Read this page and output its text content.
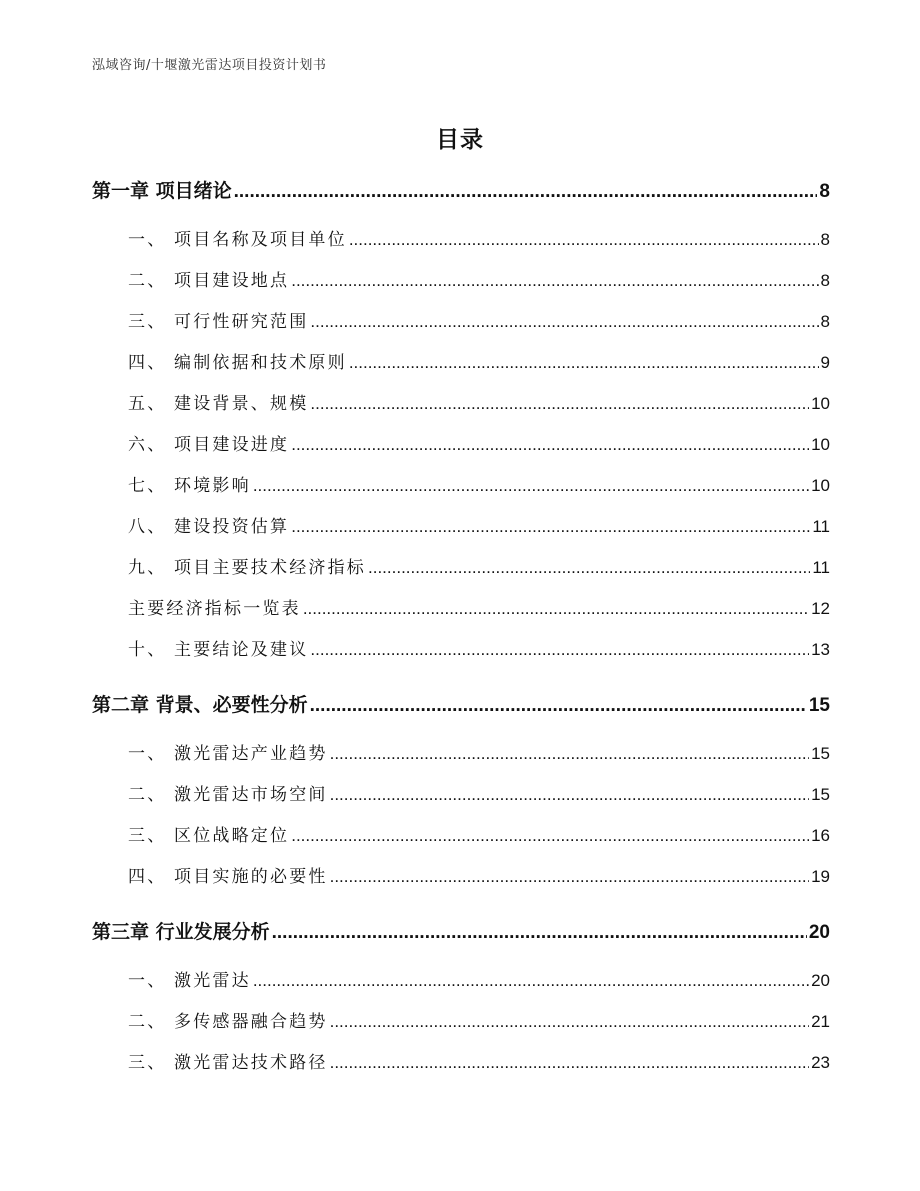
泓域咨询/十堰激光雷达项目投资计划书
目录
第一章 项目绪论 .....	8
一、 项目名称及项目单位 .....	8
二、 项目建设地点 .....	8
三、 可行性研究范围 .....	8
四、 编制依据和技术原则 .....	9
五、 建设背景、规模 .....	10
六、 项目建设进度 .....	10
七、 环境影响 .....	10
八、 建设投资估算 .....	11
九、 项目主要技术经济指标 .....	11
主要经济指标一览表 .....	12
十、 主要结论及建议 .....	13
第二章 背景、必要性分析 .....	15
一、 激光雷达产业趋势 .....	15
二、 激光雷达市场空间 .....	15
三、 区位战略定位 .....	16
四、 项目实施的必要性 .....	19
第三章 行业发展分析 .....	20
一、 激光雷达 .....	20
二、 多传感器融合趋势 .....	21
三、 激光雷达技术路径 .....	23
